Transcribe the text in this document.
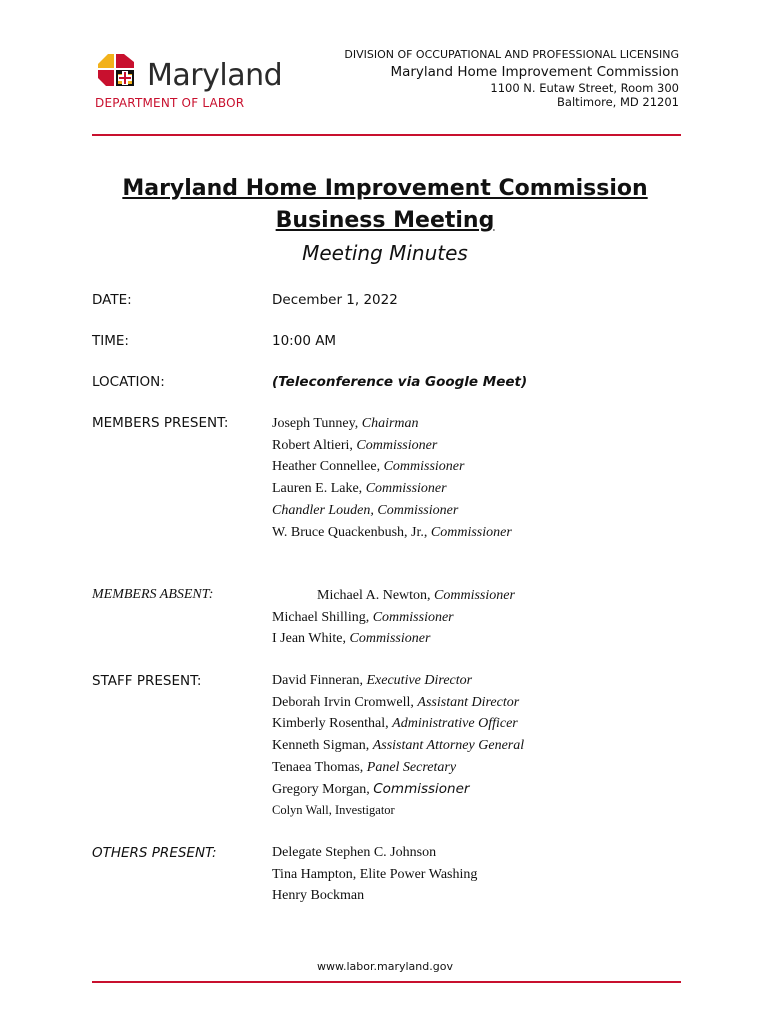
Maryland
DEPARTMENT OF LABOR
DIVISION OF OCCUPATIONAL AND PROFESSIONAL LICENSING
Maryland Home Improvement Commission
1100 N. Eutaw Street, Room 300
Baltimore, MD 21201
Maryland Home Improvement Commission
Business Meeting
Meeting Minutes
DATE:	December 1, 2022
TIME:	10:00 AM
LOCATION:	(Teleconference via Google Meet)
MEMBERS PRESENT:	Joseph Tunney, Chairman
Robert Altieri, Commissioner
Heather Connellee, Commissioner
Lauren E. Lake, Commissioner
Chandler Louden, Commissioner
W. Bruce Quackenbush, Jr., Commissioner
MEMBERS ABSENT:	Michael A. Newton, Commissioner
Michael Shilling, Commissioner
I Jean White, Commissioner
STAFF PRESENT:	David Finneran, Executive Director
Deborah Irvin Cromwell, Assistant Director
Kimberly Rosenthal, Administrative Officer
Kenneth Sigman, Assistant Attorney General
Tenaea Thomas, Panel Secretary
Gregory Morgan, Commissioner
Colyn Wall, Investigator
OTHERS PRESENT:	Delegate Stephen C. Johnson
Tina Hampton, Elite Power Washing
Henry Bockman
www.labor.maryland.gov
